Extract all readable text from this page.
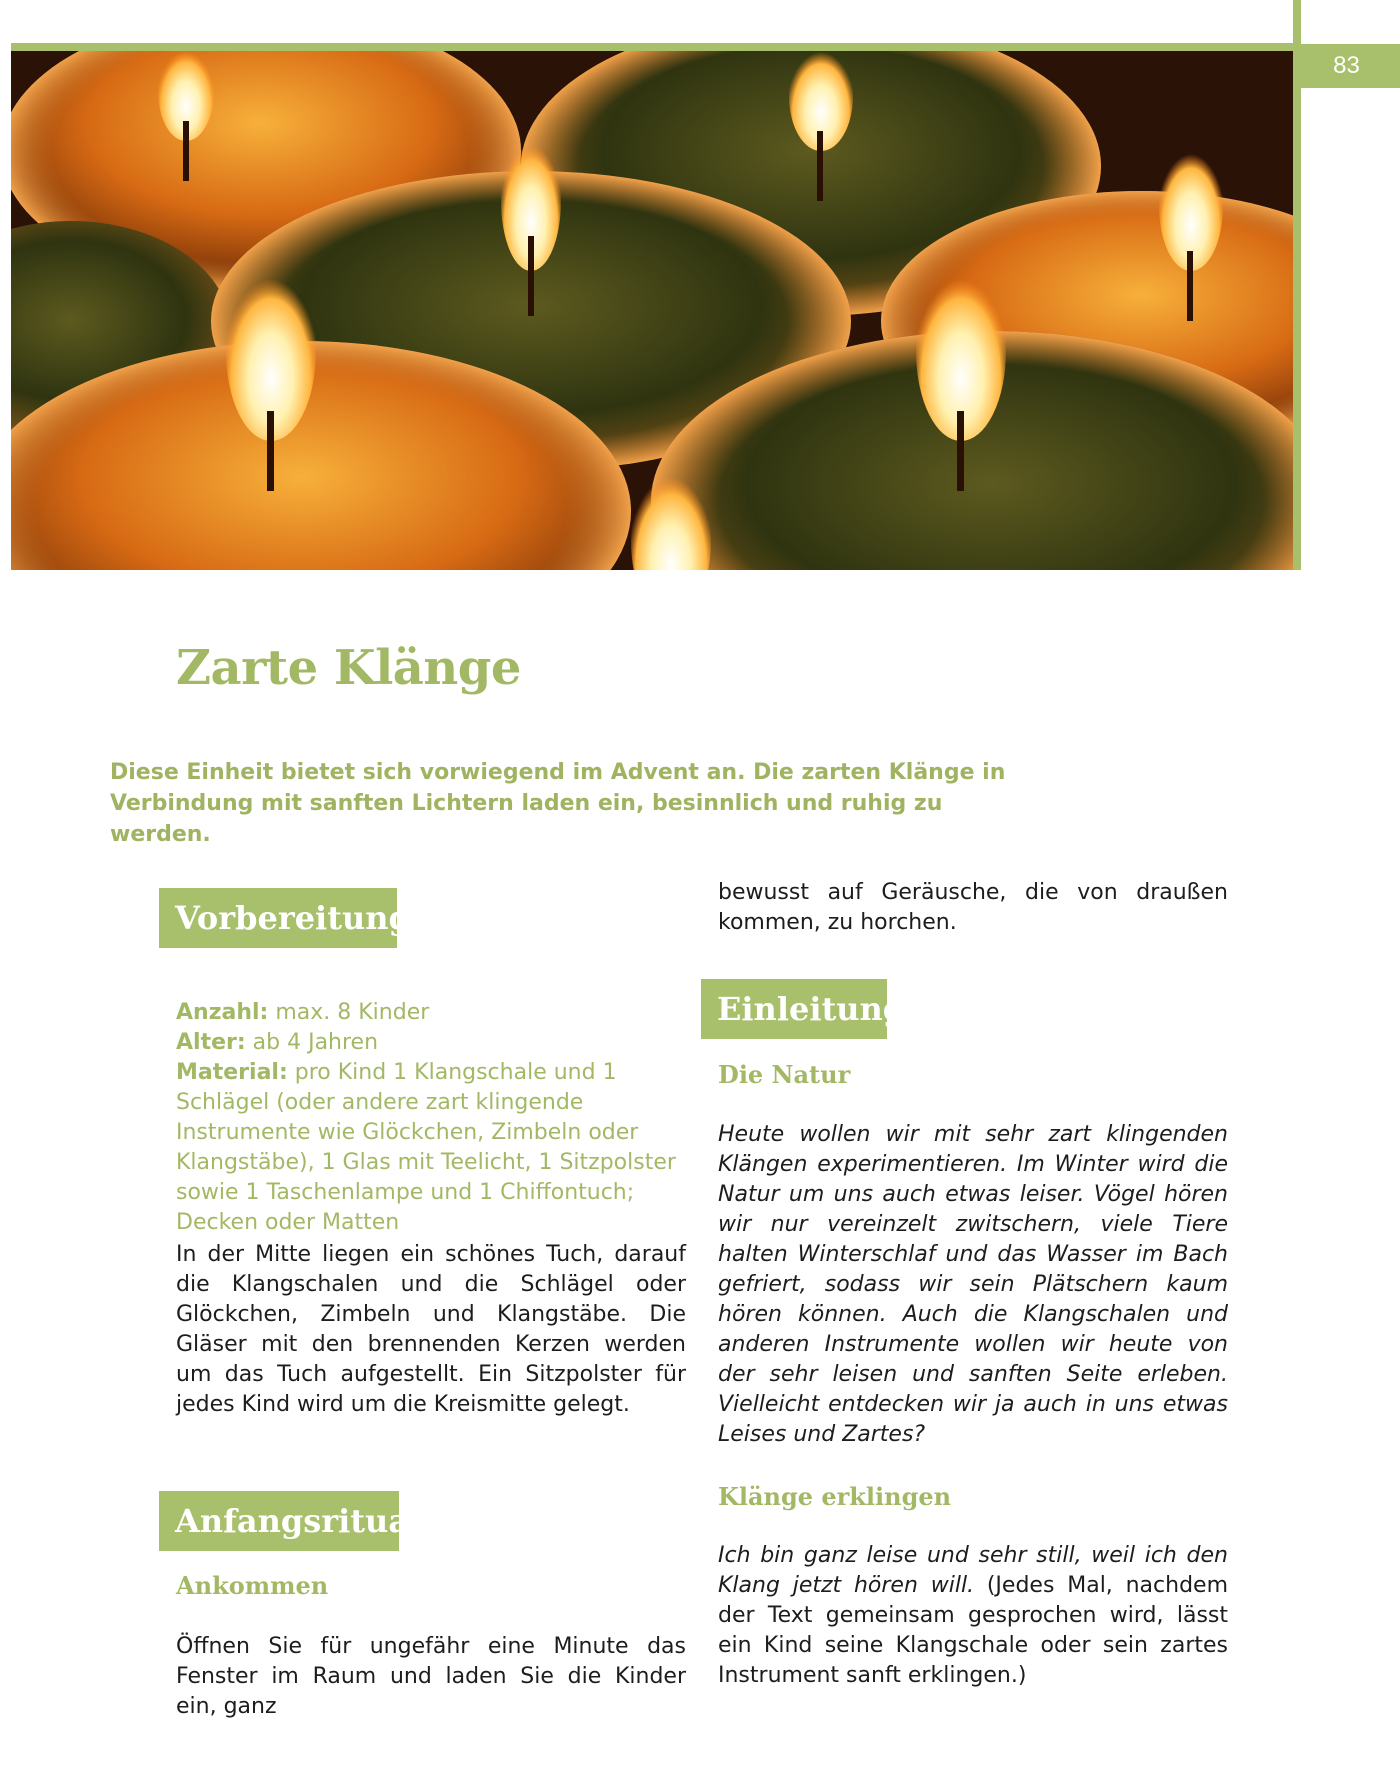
83
Zarte Klänge

Diese Einheit bietet sich vorwiegend im Advent an. Die zarten Klänge in Verbindung mit sanften Lichtern laden ein, besinnlich und ruhig zu werden.

Vorbereitung

Anzahl: max. 8 Kinder
Alter: ab 4 Jahren
Material: pro Kind 1 Klangschale und 1 Schlägel (oder andere zart klingende Instrumente wie Glöckchen, Zimbeln oder Klangstäbe), 1 Glas mit Teelicht, 1 Sitzpolster sowie 1 Taschenlampe und 1 Chiffontuch; Decken oder Matten

In der Mitte liegen ein schönes Tuch, darauf die Klangschalen und die Schlägel oder Glöckchen, Zimbeln und Klangstäbe. Die Gläser mit den brennenden Kerzen werden um das Tuch aufgestellt. Ein Sitzpolster für jedes Kind wird um die Kreismitte gelegt.

Anfangsritual
Ankommen

Öffnen Sie für ungefähr eine Minute das Fenster im Raum und laden Sie die Kinder ein, ganz

bewusst auf Geräusche, die von draußen kommen, zu horchen.

Einleitung
Die Natur

Heute wollen wir mit sehr zart klingenden Klängen experimentieren. Im Winter wird die Natur um uns auch etwas leiser. Vögel hören wir nur vereinzelt zwitschern, viele Tiere halten Winterschlaf und das Wasser im Bach gefriert, sodass wir sein Plätschern kaum hören können. Auch die Klangschalen und anderen Instrumente wollen wir heute von der sehr leisen und sanften Seite erleben. Vielleicht entdecken wir ja auch in uns etwas Leises und Zartes?

Klänge erklingen

Ich bin ganz leise und sehr still, weil ich den Klang jetzt hören will. (Jedes Mal, nachdem der Text gemeinsam gesprochen wird, lässt ein Kind seine Klangschale oder sein zartes Instrument sanft erklingen.)
